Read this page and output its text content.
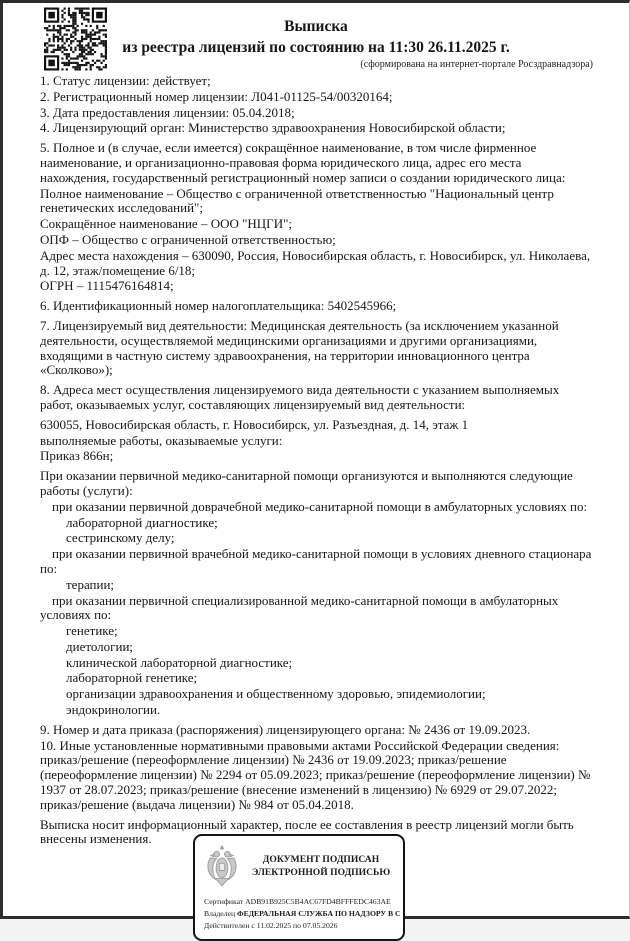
Выписка
из реестра лицензий по состоянию на 11:30 26.11.2025 г.
(сформирована на интернет-портале Росздравнадзора)
1. Статус лицензии: действует;
2. Регистрационный номер лицензии: Л041-01125-54/00320164;
3. Дата предоставления лицензии: 05.04.2018;
4. Лицензирующий орган: Министерство здравоохранения Новосибирской области;
5. Полное и (в случае, если имеется) сокращённое наименование, в том числе фирменное наименование, и организационно-правовая форма юридического лица, адрес его места нахождения, государственный регистрационный номер записи о создании юридического лица:
Полное наименование – Общество с ограниченной ответственностью "Национальный центр генетических исследований";
Сокращённое наименование – ООО "НЦГИ";
ОПФ – Общество с ограниченной ответственностью;
Адрес места нахождения – 630090, Россия, Новосибирская область, г. Новосибирск, ул. Николаева, д. 12, этаж/помещение 6/18;
ОГРН – 1115476164814;
6. Идентификационный номер налогоплательщика: 5402545966;
7. Лицензируемый вид деятельности: Медицинская деятельность (за исключением указанной деятельности, осуществляемой медицинскими организациями и другими организациями, входящими в частную систему здравоохранения, на территории инновационного центра «Сколково»);
8. Адреса мест осуществления лицензируемого вида деятельности с указанием выполняемых работ, оказываемых услуг, составляющих лицензируемый вид деятельности:
630055, Новосибирская область, г. Новосибирск, ул. Разъездная, д. 14, этаж 1
выполняемые работы, оказываемые услуги:
Приказ 866н;
При оказании первичной медико-санитарной помощи организуются и выполняются следующие работы (услуги):
при оказании первичной доврачебной медико-санитарной помощи в амбулаторных условиях по:
лабораторной диагностике;
сестринскому делу;
при оказании первичной врачебной медико-санитарной помощи в условиях дневного стационара по:
терапии;
при оказании первичной специализированной медико-санитарной помощи в амбулаторных условиях по:
генетике;
диетологии;
клинической лабораторной диагностике;
лабораторной генетике;
организации здравоохранения и общественному здоровью, эпидемиологии;
эндокринологии.
9. Номер и дата приказа (распоряжения) лицензирующего органа: № 2436 от 19.09.2023.
10. Иные установленные нормативными правовыми актами Российской Федерации сведения: приказ/решение (переоформление лицензии) № 2436 от 19.09.2023; приказ/решение (переоформление лицензии) № 2294 от 05.09.2023; приказ/решение (переоформление лицензии) № 1937 от 28.07.2023; приказ/решение (внесение изменений в лицензию) № 6929 от 29.07.2022; приказ/решение (выдача лицензии) № 984 от 05.04.2018.
Выписка носит информационный характер, после ее составления в реестр лицензий могли быть внесены изменения.
ДОКУМЕНТ ПОДПИСАН
ЭЛЕКТРОННОЙ ПОДПИСЬЮ
Сертификат ADB91B925C5B4AC67FD4BFFFEDC463AE
Владелец ФЕДЕРАЛЬНАЯ СЛУЖБА ПО НАДЗОРУ В С
Действителен с 11.02.2025 по 07.05.2026
